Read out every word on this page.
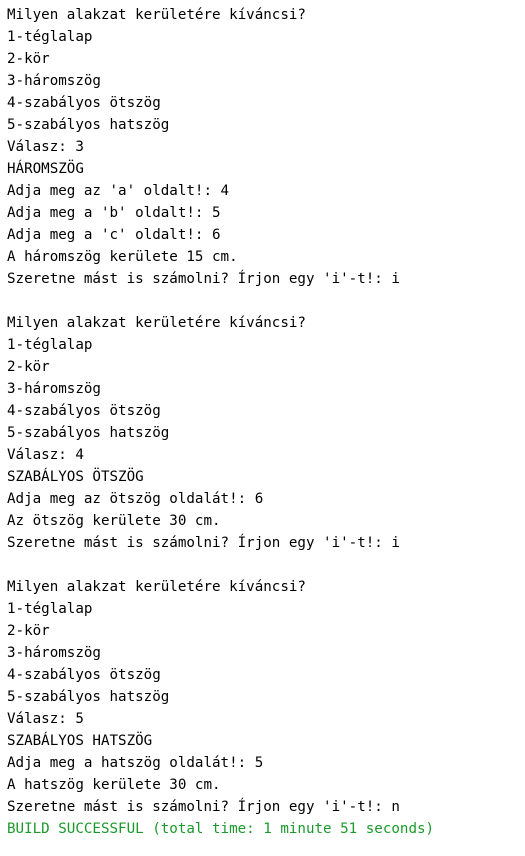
Milyen alakzat kerületére kíváncsi?
1-téglalap
2-kör
3-háromszög
4-szabályos ötszög
5-szabályos hatszög
Válasz: 3
HÁROMSZÖG
Adja meg az 'a' oldalt!: 4
Adja meg a 'b' oldalt!: 5
Adja meg a 'c' oldalt!: 6
A háromszög kerülete 15 cm.
Szeretne mást is számolni? Írjon egy 'i'-t!: i
Milyen alakzat kerületére kíváncsi?
1-téglalap
2-kör
3-háromszög
4-szabályos ötszög
5-szabályos hatszög
Válasz: 4
SZABÁLYOS ÖTSZÖG
Adja meg az ötszög oldalát!: 6
Az ötszög kerülete 30 cm.
Szeretne mást is számolni? Írjon egy 'i'-t!: i
Milyen alakzat kerületére kíváncsi?
1-téglalap
2-kör
3-háromszög
4-szabályos ötszög
5-szabályos hatszög
Válasz: 5
SZABÁLYOS HATSZÖG
Adja meg a hatszög oldalát!: 5
A hatszög kerülete 30 cm.
Szeretne mást is számolni? Írjon egy 'i'-t!: n
BUILD SUCCESSFUL (total time: 1 minute 51 seconds)
